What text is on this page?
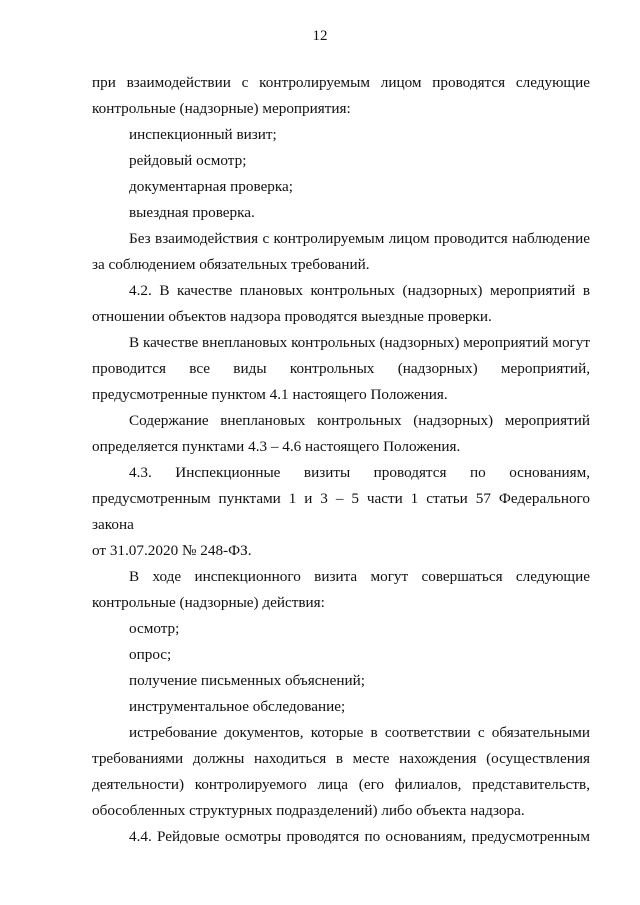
12

при взаимодействии с контролируемым лицом проводятся следующие

контрольные (надзорные) мероприятия:

инспекционный визит;

рейдовый осмотр;

документарная проверка;

выездная проверка.

Без взаимодействия с контролируемым лицом проводится наблюдение

за соблюдением обязательных требований.

4.2. В качестве плановых контрольных (надзорных) мероприятий в

отношении объектов надзора проводятся выездные проверки.

В качестве внеплановых контрольных (надзорных) мероприятий могут

проводится все виды контрольных (надзорных) мероприятий,

предусмотренные пунктом 4.1 настоящего Положения.

Содержание внеплановых контрольных (надзорных) мероприятий

определяется пунктами 4.3 – 4.6 настоящего Положения.

4.3. Инспекционные визиты проводятся по основаниям,

предусмотренным пунктами 1 и 3 – 5 части 1 статьи 57 Федерального закона

от 31.07.2020 № 248-ФЗ.

В ходе инспекционного визита могут совершаться следующие

контрольные (надзорные) действия:

осмотр;

опрос;

получение письменных объяснений;

инструментальное обследование;

истребование документов, которые в соответствии с обязательными

требованиями должны находиться в месте нахождения (осуществления

деятельности) контролируемого лица (его филиалов, представительств,

обособленных структурных подразделений) либо объекта надзора.

4.4. Рейдовые осмотры проводятся по основаниям, предусмотренным
